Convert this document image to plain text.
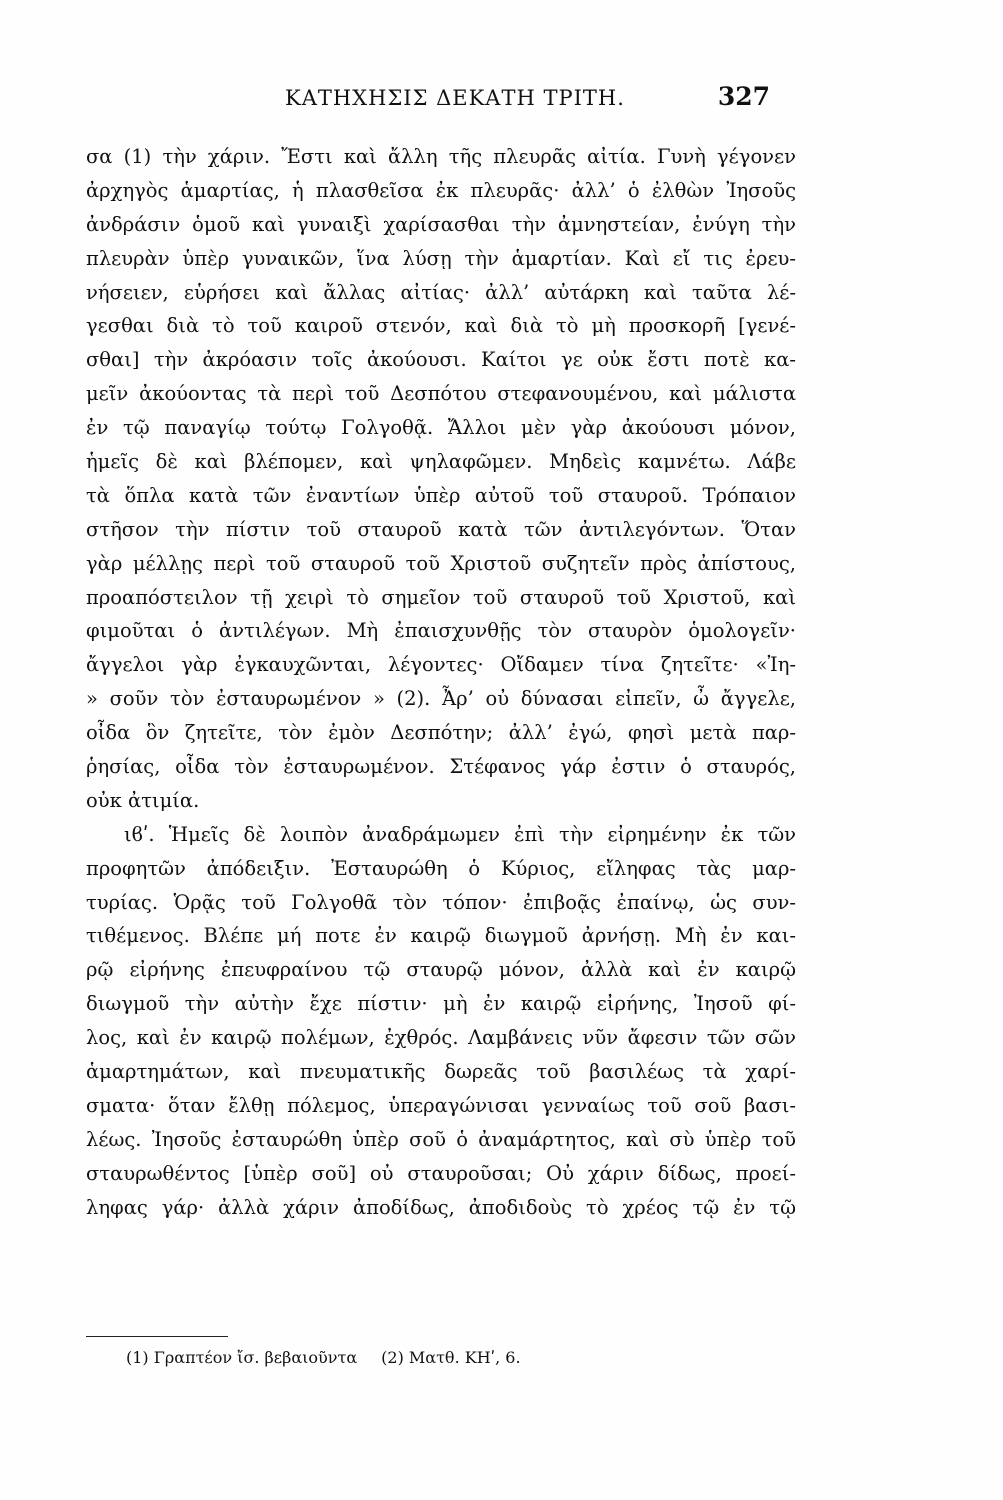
ΚΑΤΗΧΗΣΙΣ ΔΕΚΑΤΗ ΤΡΙΤΗ.	327
σα (1) τὴν χάριν. Ἔστι καὶ ἄλλη τῆς πλευρᾶς αἰτία. Γυνὴ γέγονεν
ἀρχηγὸς ἁμαρτίας, ἡ πλασθεῖσα ἐκ πλευρᾶς· ἀλλ’ ὁ ἐλθὼν Ἰησοῦς
ἀνδράσιν ὁμοῦ καὶ γυναιξὶ χαρίσασθαι τὴν ἀμνηστείαν, ἐνύγη τὴν
πλευρὰν ὑπὲρ γυναικῶν, ἵνα λύσῃ τὴν ἁμαρτίαν. Καὶ εἴ τις ἐρευ-
νήσειεν, εὑρήσει καὶ ἄλλας αἰτίας· ἀλλ’ αὐτάρκη καὶ ταῦτα λέ-
γεσθαι διὰ τὸ τοῦ καιροῦ στενόν, καὶ διὰ τὸ μὴ προσκορῆ [γενέ-
σθαι] τὴν ἀκρόασιν τοῖς ἀκούουσι. Καίτοι γε οὐκ ἔστι ποτὲ κα-
μεῖν ἀκούοντας τὰ περὶ τοῦ Δεσπότου στεφανουμένου, καὶ μάλιστα
ἐν τῷ παναγίῳ τούτῳ Γολγοθᾷ. Ἄλλοι μὲν γὰρ ἀκούουσι μόνον,
ἡμεῖς δὲ καὶ βλέπομεν, καὶ ψηλαφῶμεν. Μηδεὶς καμνέτω. Λάβε
τὰ ὅπλα κατὰ τῶν ἐναντίων ὑπὲρ αὐτοῦ τοῦ σταυροῦ. Τρόπαιον
στῆσον τὴν πίστιν τοῦ σταυροῦ κατὰ τῶν ἀντιλεγόντων. Ὅταν
γὰρ μέλλῃς περὶ τοῦ σταυροῦ τοῦ Χριστοῦ συζητεῖν πρὸς ἀπίστους,
προαπόστειλον τῇ χειρὶ τὸ σημεῖον τοῦ σταυροῦ τοῦ Χριστοῦ, καὶ
φιμοῦται ὁ ἀντιλέγων. Μὴ ἐπαισχυνθῇς τὸν σταυρὸν ὁμολογεῖν·
ἄγγελοι γὰρ ἐγκαυχῶνται, λέγοντες· Οἴδαμεν τίνα ζητεῖτε· «Ἰη-
» σοῦν τὸν ἐσταυρωμένον » (2). Ἆρ’ οὐ δύνασαι εἰπεῖν, ὦ ἄγγελε,
οἶδα ὃν ζητεῖτε, τὸν ἐμὸν Δεσπότην; ἀλλ’ ἐγώ, φησὶ μετὰ παρ-
ῥησίας, οἶδα τὸν ἐσταυρωμένον. Στέφανος γάρ ἐστιν ὁ σταυρός,
οὐκ ἀτιμία.
ιϐʹ. Ἡμεῖς δὲ λοιπὸν ἀναδράμωμεν ἐπὶ τὴν εἰρημένην ἐκ τῶν
προφητῶν ἀπόδειξιν. Ἐσταυρώθη ὁ Κύριος, εἴληφας τὰς μαρ-
τυρίας. Ὁρᾷς τοῦ Γολγοθᾶ τὸν τόπον· ἐπιβοᾷς ἐπαίνῳ, ὡς συν-
τιθέμενος. Βλέπε μή ποτε ἐν καιρῷ διωγμοῦ ἀρνήσῃ. Μὴ ἐν και-
ρῷ εἰρήνης ἐπευφραίνου τῷ σταυρῷ μόνον, ἀλλὰ καὶ ἐν καιρῷ
διωγμοῦ τὴν αὐτὴν ἔχε πίστιν· μὴ ἐν καιρῷ εἰρήνης, Ἰησοῦ φί-
λος, καὶ ἐν καιρῷ πολέμων, ἐχθρός. Λαμβάνεις νῦν ἄφεσιν τῶν σῶν
ἁμαρτημάτων, καὶ πνευματικῆς δωρεᾶς τοῦ βασιλέως τὰ χαρί-
σματα· ὅταν ἔλθῃ πόλεμος, ὑπεραγώνισαι γενναίως τοῦ σοῦ βασι-
λέως. Ἰησοῦς ἐσταυρώθη ὑπὲρ σοῦ ὁ ἀναμάρτητος, καὶ σὺ ὑπὲρ τοῦ
σταυρωθέντος [ὑπὲρ σοῦ] οὐ σταυροῦσαι; Οὐ χάριν δίδως, προεί-
ληφας γάρ· ἀλλὰ χάριν ἀποδίδως, ἀποδιδοὺς τὸ χρέος τῷ ἐν τῷ
(1) Γραπτέον ἴσ. βεβαιοῦντα (2) Ματθ. ΚΗʹ, 6.
